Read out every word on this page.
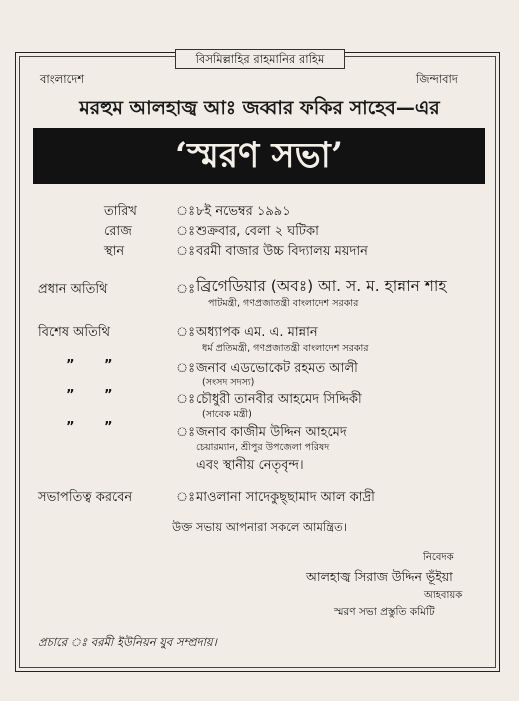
বিসমিল্লাহির রাহমানির রাহিম
বাংলাদেশ	জিন্দাবাদ
মরহুম আলহাজ্ব আঃ জব্বার ফকির সাহেব—এর
‘স্মরণ সভা’
তারিখ	ঃ ৮ই নভেম্বর ১৯৯১
রোজ	ঃ শুক্রবার, বেলা ২ ঘটিকা
স্থান	ঃ বরমী বাজার উচ্চ বিদ্যালয় ময়দান
প্রধান অতিথি	ঃ ব্রিগেডিয়ার (অবঃ) আ. স. ম. হান্নান শাহ
পাটমন্ত্রী, গণপ্রজাতন্ত্রী বাংলাদেশ সরকার
বিশেষ অতিথি	ঃ অধ্যাপক এম. এ. মান্নান
ধর্ম প্রতিমন্ত্রী, গণপ্রজাতন্ত্রী বাংলাদেশ সরকার
” ”	ঃ জনাব এডভোকেট রহমত আলী
(সংসদ সদস্য)
” ”	ঃ চৌধুরী তানবীর আহমেদ সিদ্দিকী
(সাবেক মন্ত্রী)
” ”	ঃ জনাব কাজীম উদ্দিন আহমেদ
চেয়ারম্যান, শ্রীপুর উপজেলা পরিষদ
এবং স্থানীয় নেতৃবৃন্দ।
সভাপতিত্ব করবেন	ঃ মাওলানা সাদেকুছ্ছামাদ আল কাদ্রী
উক্ত সভায় আপনারা সকলে আমন্ত্রিত।
নিবেদক
আলহাজ্ব সিরাজ উদ্দিন ভূঁইয়া
আহবায়ক
স্মরণ সভা প্রস্তুতি কমিটি
প্রচারে ঃ বরমী ইউনিয়ন যুব সম্প্রদায়।
